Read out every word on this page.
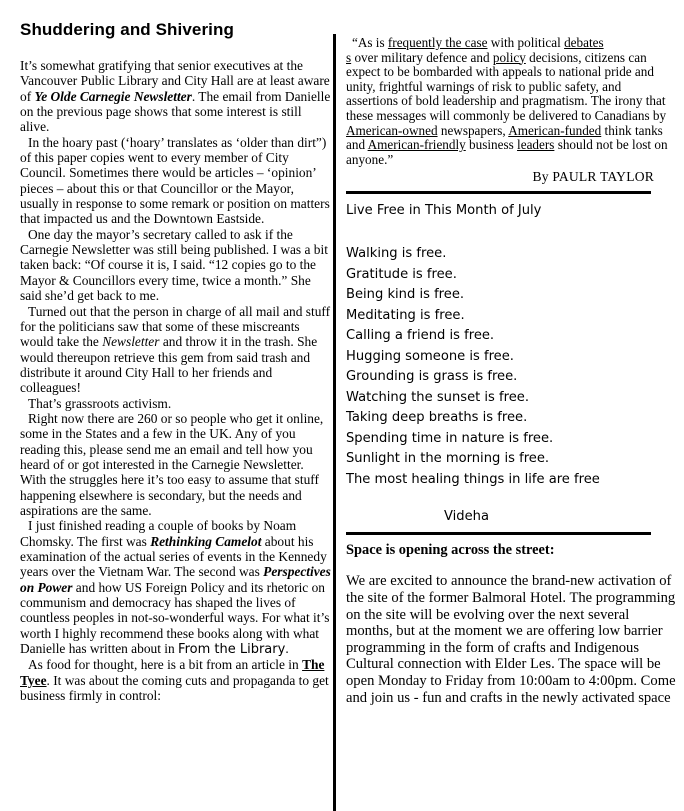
Shuddering and Shivering

It’s somewhat gratifying that senior executives at the Vancouver Public Library and City Hall are at least aware of Ye Olde Carnegie Newsletter. The email from Danielle on the previous page shows that some interest is still alive.

In the hoary past (‘hoary’ translates as ‘older than dirt”) of this paper copies went to every member of City Council. Sometimes there would be articles – ‘opinion’ pieces – about this or that Councillor or the Mayor, usually in response to some remark or position on matters that impacted us and the Downtown Eastside.

One day the mayor’s secretary called to ask if the Carnegie Newsletter was still being published. I was a bit taken back: “Of course it is, I said. “12 copies go to the Mayor & Councillors every time, twice a month.” She said she’d get back to me.

Turned out that the person in charge of all mail and stuff for the politicians saw that some of these miscreants would take the Newsletter and throw it in the trash. She would thereupon retrieve this gem from said trash and distribute it around City Hall to her friends and colleagues!

That’s grassroots activism.

Right now there are 260 or so people who get it online, some in the States and a few in the UK. Any of you reading this, please send me an email and tell how you heard of or got interested in the Carnegie Newsletter. With the struggles here it’s too easy to assume that stuff happening elsewhere is secondary, but the needs and aspirations are the same.

I just finished reading a couple of books by Noam Chomsky. The first was Rethinking Camelot about his examination of the actual series of events in the Kennedy years over the Vietnam War. The second was Perspectives on Power and how US Foreign Policy and its rhetoric on communism and democracy has shaped the lives of countless peoples in not-so-wonderful ways. For what it’s worth I highly recommend these books along with what Danielle has written about in From the Library.

As food for thought, here is a bit from an article in The Tyee. It was about the coming cuts and propaganda to get business firmly in control:

“As is frequently the case with political debates
s over military defence and policy decisions, citizens can expect to be bombarded with appeals to national pride and unity, frightful warnings of risk to public safety, and assertions of bold leadership and pragmatism. The irony that these messages will commonly be delivered to Canadians by American-owned newspapers, American-funded think tanks and American-friendly business leaders should not be lost on anyone.”

By PAULR TAYLOR
Live Free in This Month of July
Walking is free.
Gratitude is free.
Being kind is free.
Meditating is free.
Calling a friend is free.
Hugging someone is free.
Grounding is grass is free.
Watching the sunset is free.
Taking deep breaths is free.
Spending time in nature is free.
Sunlight in the morning is free.
The most healing things in life are free
Videha
Space is opening across the street:

We are excited to announce the brand-new activation of the site of the former Balmoral Hotel. The programming on the site will be evolving over the next several months, but at the moment we are offering low barrier programming in the form of crafts and Indigenous Cultural connection with Elder Les. The space will be open Monday to Friday from 10:00am to 4:00pm. Come and join us - fun and crafts in the newly activated space
